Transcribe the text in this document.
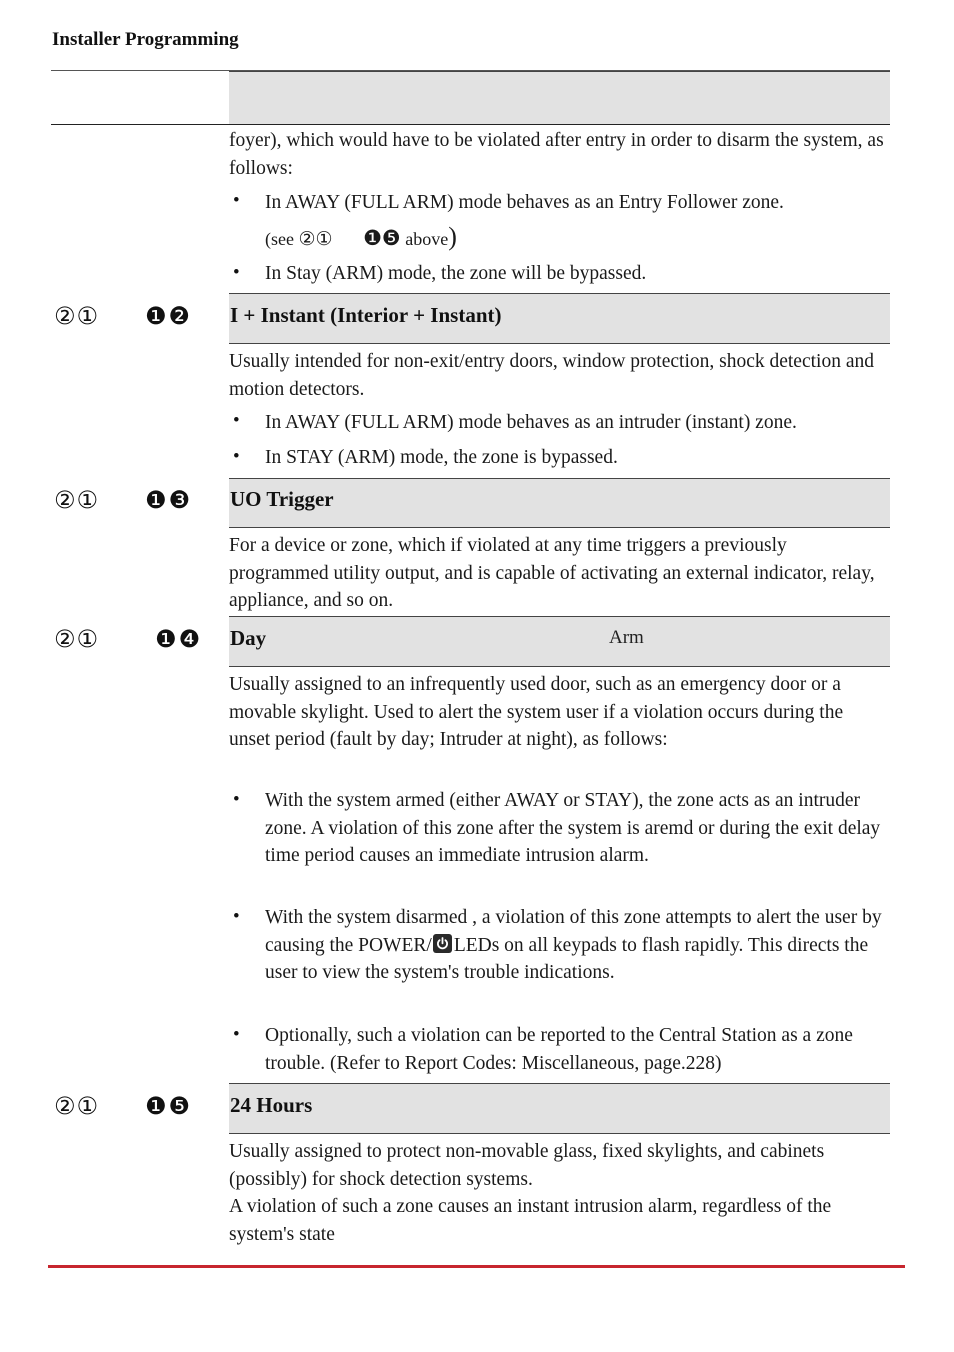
Installer Programming
foyer), which would have to be violated after entry in order to disarm the system, as follows:
• In AWAY (FULL ARM) mode behaves as an Entry Follower zone.
(see ②① ❶❺ above)
• In Stay (ARM) mode, the zone will be bypassed.
②① ❶❷ I + Instant (Interior + Instant)
Usually intended for non-exit/entry doors, window protection, shock detection and motion detectors.
• In AWAY (FULL ARM) mode behaves as an intruder (instant) zone.
• In STAY (ARM) mode, the zone is bypassed.
②① ❶❸ UO Trigger
For a device or zone, which if violated at any time triggers a previously programmed utility output, and is capable of activating an external indicator, relay, appliance, and so on.
②① ❶❹ Day	Arm
Usually assigned to an infrequently used door, such as an emergency door or a movable skylight. Used to alert the system user if a violation occurs during the unset period (fault by day; Intruder at night), as follows:
• With the system armed (either AWAY or STAY), the zone acts as an intruder zone. A violation of this zone after the system is aremd or during the exit delay time period causes an immediate intrusion alarm.
• With the system disarmed , a violation of this zone attempts to alert the user by causing the POWER/ LEDs on all keypads to flash rapidly. This directs the user to view the system's trouble indications.
• Optionally, such a violation can be reported to the Central Station as a zone trouble. (Refer to Report Codes: Miscellaneous, page.228)
②① ❶❺ 24 Hours
Usually assigned to protect non-movable glass, fixed skylights, and cabinets (possibly) for shock detection systems.
A violation of such a zone causes an instant intrusion alarm, regardless of the system's state
